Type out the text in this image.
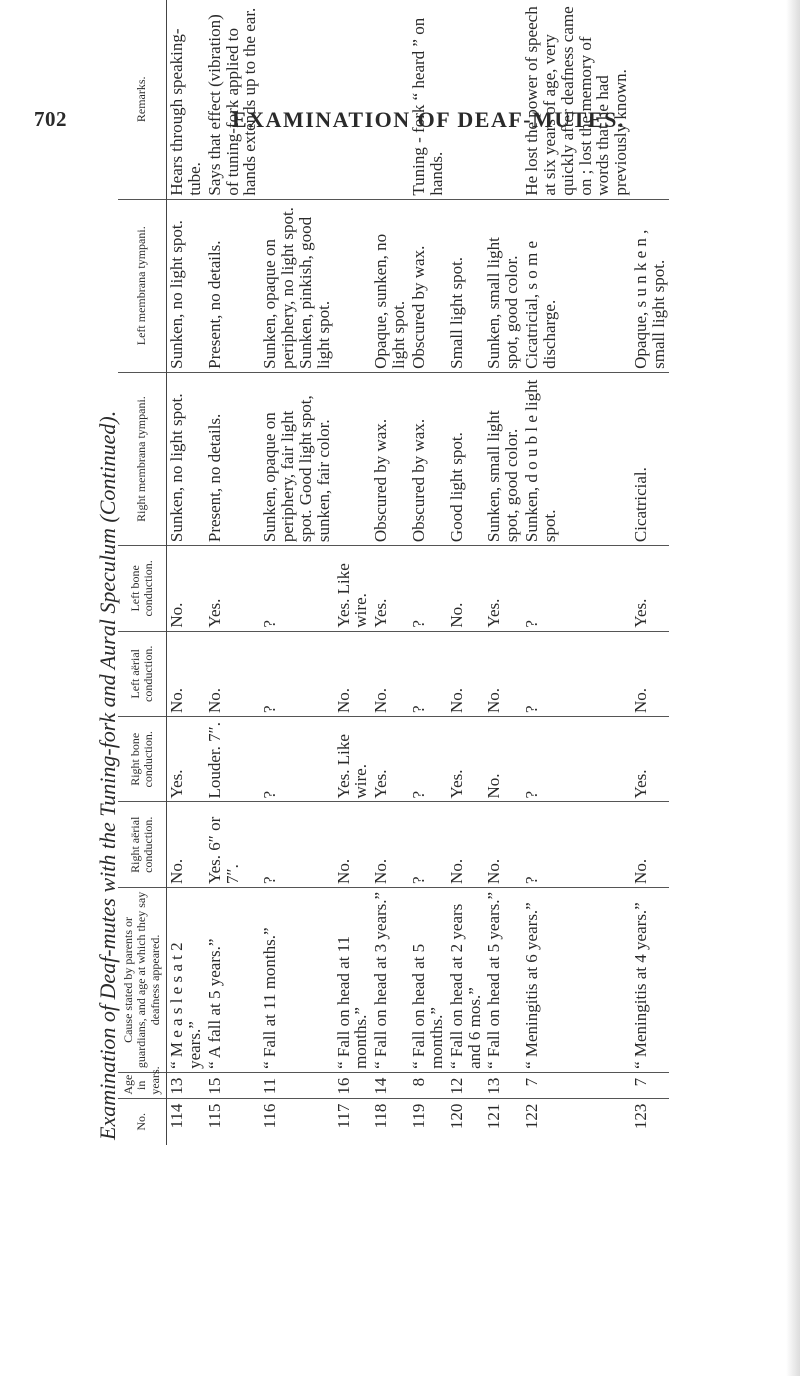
702	EXAMINATION OF DEAF-MUTES.
Examination of Deaf-mutes with the Tuning-fork and Aural Speculum (Continued).	No.	Age in years.	Cause stated by parents or guardians, and age at which they say deafness appeared.	Right aërial conduction.	Right bone conduction.	Left aërial conduction.	Left bone conduction.	Right membrana tympani.	Left membrana tympani.	Remarks.
114	13	“ M e a s l e s a t 2 years.”	No.	Yes.	No.	No.	Sunken, no light spot.	Sunken, no light spot.	Hears through speaking-tube.
115	15	“ A fall at 5 years.”	Yes. 6″ or 7″.	Louder. 7″.	No.	Yes.	Present, no details.	Present, no details.	Says that effect (vibration) of tuning-fork applied to hands extends up to the ear.
116	11	“ Fall at 11 months.”	?	?	?	?	Sunken, opaque on periphery, fair light spot. Good light spot, sunken, fair color.	Sunken, opaque on periphery, no light spot. Sunken, pinkish, good light spot.	
117	16	“ Fall on head at 11 months.”	No.	Yes. Like wire.	No.	Yes. Like wire.			
118	14	“ Fall on head at 3 years.”	No.	Yes.	No.	Yes.	Obscured by wax.	Opaque, sunken, no light spot.	
119	8	“ Fall on head at 5 months.”	?	?	?	?	Obscured by wax.	Obscured by wax.	Tuning - fork “ heard ” on hands.
120	12	“ Fall on head at 2 years and 6 mos.”	No.	Yes.	No.	No.	Good light spot.	Small light spot.	
121	13	“ Fall on head at 5 years.”	No.	No.	No.	Yes.	Sunken, small light spot, good color.	Sunken, small light spot, good color.	
122	7	“ Meningitis at 6 years.”	?	?	?	?	Sunken, d o u b l e light spot.	Cicatricial, s o m e discharge.	He lost the power of speech at six years of age, very quickly after deafness came on ; lost the memory of words that he had previously known.
123	7	“ Meningitis at 4 years.”	No.	Yes.	No.	Yes.	Cicatricial.	Opaque, s u n k e n , small light spot.	
